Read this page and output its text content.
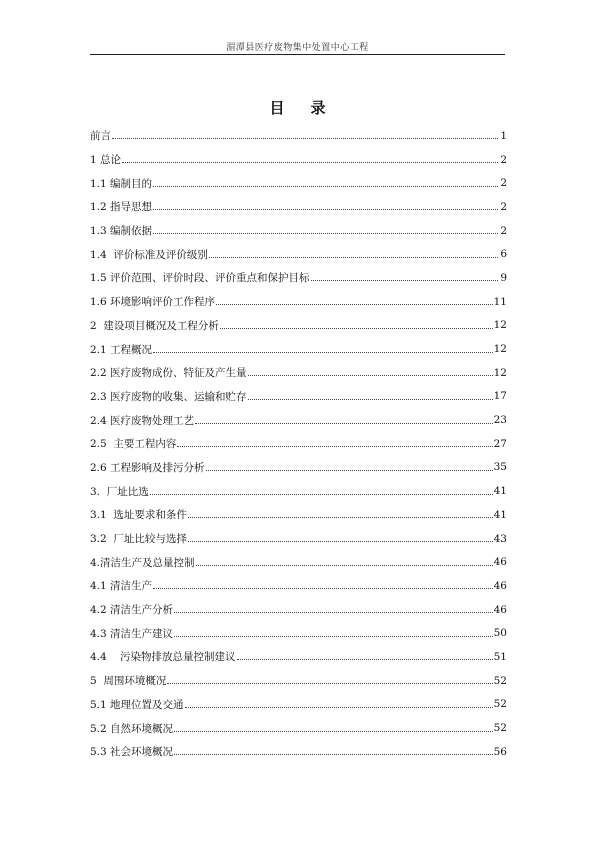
湄潭县医疗废物集中处置中心工程
目 录
前言	1
1 总论	2
1.1 编制目的	2
1.2 指导思想	2
1.3 编制依据	2
1.4  评价标准及评价级别	6
1.5 评价范围、评价时段、评价重点和保护目标	9
1.6 环境影响评价工作程序	11
2  建设项目概况及工程分析	12
2.1 工程概况	12
2.2 医疗废物成份、特征及产生量	12
2.3 医疗废物的收集、运输和贮存	17
2.4 医疗废物处理工艺	23
2.5  主要工程内容	27
2.6 工程影响及排污分析	35
3.  厂址比选	41
3.1  选址要求和条件	41
3.2  厂址比较与选择	43
4.清洁生产及总量控制	46
4.1 清洁生产	46
4.2 清洁生产分析	46
4.3 清洁生产建议	50
4.4    污染物排放总量控制建议	51
5  周围环境概况	52
5.1 地理位置及交通	52
5.2 自然环境概况	52
5.3 社会环境概况	56
